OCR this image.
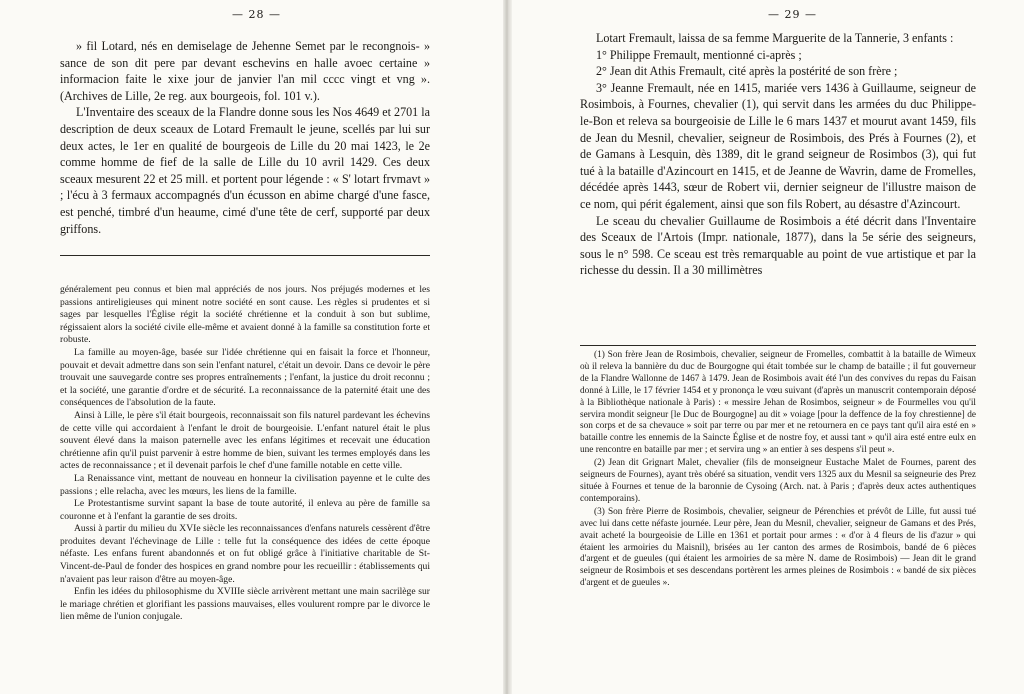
— 28 —

» fil Lotard, nés en demiselage de Jehenne Semet par le recongnois- » sance de son dit pere par devant eschevins en halle avoec certaine » informacion faite le xixe jour de janvier l'an mil cccc vingt et vng ». (Archives de Lille, 2e reg. aux bourgeois, fol. 101 v.).

L'Inventaire des sceaux de la Flandre donne sous les Nos 4649 et 2701 la description de deux sceaux de Lotard Fremault le jeune, scellés par lui sur deux actes, le 1er en qualité de bourgeois de Lille du 20 mai 1423, le 2e comme homme de fief de la salle de Lille du 10 avril 1429. Ces deux sceaux mesurent 22 et 25 mill. et portent pour légende : « S' lotart frvmavt » ; l'écu à 3 fermaux accompagnés d'un écusson en abime chargé d'une fasce, est penché, timbré d'un heaume, cimé d'une tête de cerf, supporté par deux griffons.

généralement peu connus et bien mal appréciés de nos jours. Nos préjugés modernes et les passions antireligieuses qui minent notre société en sont cause. Les règles si prudentes et si sages par lesquelles l'Église régit la société chrétienne et la conduit à son but sublime, régissaient alors la société civile elle-même et avaient donné à la famille sa constitution forte et robuste.

La famille au moyen-âge, basée sur l'idée chrétienne qui en faisait la force et l'honneur, pouvait et devait admettre dans son sein l'enfant naturel, c'était un devoir. Dans ce devoir le père trouvait une sauvegarde contre ses propres entraînements ; l'enfant, la justice du droit reconnu ; et la société, une garantie d'ordre et de sécurité. La reconnaissance de la paternité était une des conséquences de l'absolution de la faute.

Ainsi à Lille, le père s'il était bourgeois, reconnaissait son fils naturel pardevant les échevins de cette ville qui accordaient à l'enfant le droit de bourgeoisie. L'enfant naturel était le plus souvent élevé dans la maison paternelle avec les enfans légitimes et recevait une éducation chrétienne afin qu'il puist parvenir à estre homme de bien, suivant les termes employés dans les actes de reconnaissance ; et il devenait parfois le chef d'une famille notable en cette ville.

La Renaissance vint, mettant de nouveau en honneur la civilisation payenne et le culte des passions ; elle relacha, avec les mœurs, les liens de la famille.

Le Protestantisme survint sapant la base de toute autorité, il enleva au père de famille sa couronne et à l'enfant la garantie de ses droits.

Aussi à partir du milieu du XVIe siècle les reconnaissances d'enfans naturels cessèrent d'être produites devant l'échevinage de Lille : telle fut la conséquence des idées de cette époque néfaste. Les enfans furent abandonnés et on fut obligé grâce à l'initiative charitable de St-Vincent-de-Paul de fonder des hospices en grand nombre pour les recueillir : établissements qui n'avaient pas leur raison d'être au moyen-âge.

Enfin les idées du philosophisme du XVIIIe siècle arrivèrent mettant une main sacrilège sur le mariage chrétien et glorifiant les passions mauvaises, elles voulurent rompre par le divorce le lien même de l'union conjugale.

— 29 —

Lotart Fremault, laissa de sa femme Marguerite de la Tannerie, 3 enfants :

1° Philippe Fremault, mentionné ci-après ;

2° Jean dit Athis Fremault, cité après la postérité de son frère ;

3° Jeanne Fremault, née en 1415, mariée vers 1436 à Guillaume, seigneur de Rosimbois, à Fournes, chevalier (1), qui servit dans les armées du duc Philippe-le-Bon et releva sa bourgeoisie de Lille le 6 mars 1437 et mourut avant 1459, fils de Jean du Mesnil, chevalier, seigneur de Rosimbois, des Prés à Fournes (2), et de Gamans à Lesquin, dès 1389, dit le grand seigneur de Rosimbos (3), qui fut tué à la bataille d'Azincourt en 1415, et de Jeanne de Wavrin, dame de Fromelles, décédée après 1443, sœur de Robert vii, dernier seigneur de l'illustre maison de ce nom, qui périt également, ainsi que son fils Robert, au désastre d'Azincourt.

Le sceau du chevalier Guillaume de Rosimbois a été décrit dans l'Inventaire des Sceaux de l'Artois (Impr. nationale, 1877), dans la 5e série des seigneurs, sous le n° 598. Ce sceau est très remarquable au point de vue artistique et par la richesse du dessin. Il a 30 millimètres

(1) Son frère Jean de Rosimbois, chevalier, seigneur de Fromelles, combattit à la bataille de Wimeux où il releva la bannière du duc de Bourgogne qui était tombée sur le champ de bataille ; il fut gouverneur de la Flandre Wallonne de 1467 à 1479. Jean de Rosimbois avait été l'un des convives du repas du Faisan donné à Lille, le 17 février 1454 et y prononça le vœu suivant (d'après un manuscrit contemporain déposé à la Bibliothèque nationale à Paris) : « messire Jehan de Rosimbos, seigneur » de Fourmelles vou qu'il servira mondit seigneur [le Duc de Bourgogne] au dit » voiage [pour la deffence de la foy chrestienne] de son corps et de sa chevauce » soit par terre ou par mer et ne retournera en ce pays tant qu'il aira esté en » bataille contre les ennemis de la Saincte Église et de nostre foy, et aussi tant » qu'il aira esté entre eulx en une rencontre en bataille par mer ; et servira ung » an entier à ses despens s'il peut ».

(2) Jean dit Grignart Malet, chevalier (fils de monseigneur Eustache Malet de Fournes, parent des seigneurs de Fournes), ayant très obéré sa situation, vendit vers 1325 aux du Mesnil sa seigneurie des Prez située à Fournes et tenue de la baronnie de Cysoing (Arch. nat. à Paris ; d'après deux actes authentiques contemporains).

(3) Son frère Pierre de Rosimbois, chevalier, seigneur de Pérenchies et prévôt de Lille, fut aussi tué avec lui dans cette néfaste journée. Leur père, Jean du Mesnil, chevalier, seigneur de Gamans et des Prés, avait acheté la bourgeoisie de Lille en 1361 et portait pour armes : « d'or à 4 fleurs de lis d'azur » qui étaient les armoiries du Maisnil), brisées au 1er canton des armes de Rosimbois, bandé de 6 pièces d'argent et de gueules (qui étaient les armoiries de sa mère N. dame de Rosimbois) — Jean dit le grand seigneur de Rosimbois et ses descendans portèrent les armes pleines de Rosimbois : « bandé de six pièces d'argent et de gueules ».
